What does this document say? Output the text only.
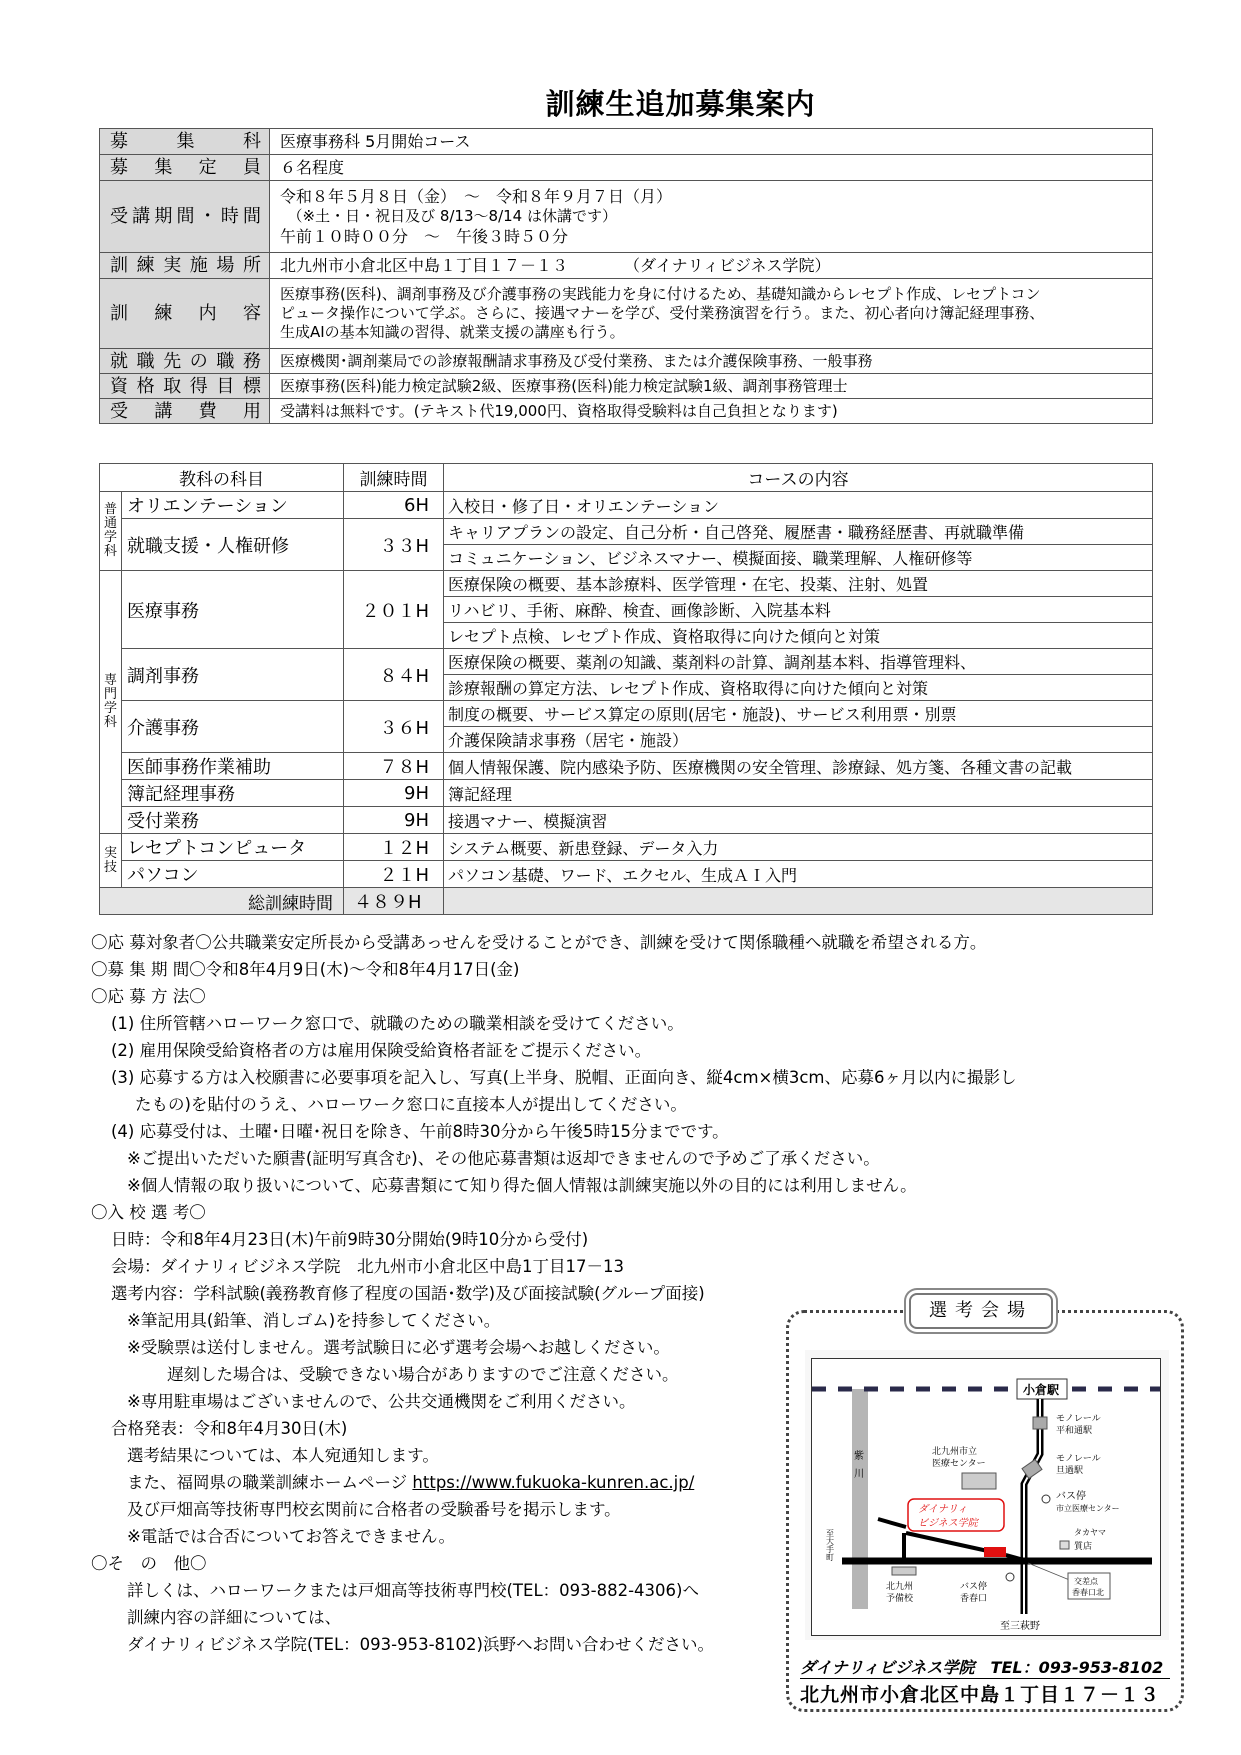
訓練生追加募集案内
募集科	医療事務科 5月開始コース
募集定員	６名程度
受講期間・時間	令和８年５月８日（金）　～　令和８年９月７日（月）
　（※土・日・祝日及び 8/13～8/14 は休講です）
午前１０時００分　～　午後３時５０分

訓練実施場所	北九州市小倉北区中島１丁目１７－１３　　　　（ダイナリィビジネス学院）
訓練内容	医療事務(医科)、調剤事務及び介護事務の実践能力を身に付けるため、基礎知識からレセプト作成、レセプトコン
ピュータ操作について学ぶ。さらに、接遇マナーを学び、受付業務演習を行う。また、初心者向け簿記経理事務、
生成AIの基本知識の習得、就業支援の講座も行う。

就職先の職務	医療機関･調剤薬局での診療報酬請求事務及び受付業務、または介護保険事務、一般事務
資格取得目標	医療事務(医科)能力検定試験2級、医療事務(医科)能力検定試験1級、調剤事務管理士
受講費用	受講料は無料です。(テキスト代19,000円、資格取得受験料は自己負担となります)
教科の科目		訓練時間	コースの内容

普
通
学
科	オリエンテーション	6H	入校日・修了日・オリエンテーション
	就職支援・人権研修	３３H	キャリアプランの設定、自己分析・自己啓発、履歴書・職務経歴書、再就職準備
			コミュニケーション、ビジネスマナー、模擬面接、職業理解、人権研修等

専
門
学
科	医療事務	２０１H	医療保険の概要、基本診療料、医学管理・在宅、投薬、注射、処置
			リハビリ、手術、麻酔、検査、画像診断、入院基本料
			レセプト点検、レセプト作成、資格取得に向けた傾向と対策
	調剤事務	８４H	医療保険の概要、薬剤の知識、薬剤料の計算、調剤基本料、指導管理料、
			診療報酬の算定方法、レセプト作成、資格取得に向けた傾向と対策
	介護事務	３６H	制度の概要、サービス算定の原則(居宅・施設)、サービス利用票・別票
			介護保険請求事務（居宅・施設）
	医師事務作業補助	７８H	個人情報保護、院内感染予防、医療機関の安全管理、診療録、処方箋、各種文書の記載
	簿記経理事務	9H	簿記経理
	受付業務	9H	接遇マナー、模擬演習

実
技	レセプトコンピュータ	１２H	システム概要、新患登録、データ入力
	パソコン	２１H	パソコン基礎、ワード、エクセル、生成ＡＩ入門
総訓練時間		４８９H	
〇応 募対象者〇公共職業安定所長から受講あっせんを受けることができ、訓練を受けて関係職種へ就職を希望される方。
〇募 集 期 間〇令和8年4月9日(木)～令和8年4月17日(金)
〇応 募 方 法〇
(1) 住所管轄ハローワーク窓口で、就職のための職業相談を受けてください。
(2) 雇用保険受給資格者の方は雇用保険受給資格者証をご提示ください。
(3) 応募する方は入校願書に必要事項を記入し、写真(上半身、脱帽、正面向き、縦4cm×横3cm、応募6ヶ月以内に撮影し
たもの)を貼付のうえ、ハローワーク窓口に直接本人が提出してください。
(4) 応募受付は、土曜･日曜･祝日を除き、午前8時30分から午後5時15分までです。
※ご提出いただいた願書(証明写真含む)、その他応募書類は返却できませんので予めご了承ください。
※個人情報の取り扱いについて、応募書類にて知り得た個人情報は訓練実施以外の目的には利用しません。
〇入 校 選 考〇
日時：令和8年4月23日(木)午前9時30分開始(9時10分から受付)
会場：ダイナリィビジネス学院　北九州市小倉北区中島1丁目17－13
選考内容：学科試験(義務教育修了程度の国語･数学)及び面接試験(グループ面接)
※筆記用具(鉛筆、消しゴム)を持参してください。
※受験票は送付しません。選考試験日に必ず選考会場へお越しください。
遅刻した場合は、受験できない場合がありますのでご注意ください。
※専用駐車場はございませんので、公共交通機関をご利用ください。
合格発表：令和8年4月30日(木)
選考結果については、本人宛通知します。
また、福岡県の職業訓練ホームページ https://www.fukuoka-kunren.ac.jp/
及び戸畑高等技術専門校玄関前に合格者の受験番号を掲示します。
※電話では合否についてお答えできません。
〇そ　の　他〇
詳しくは、ハローワークまたは戸畑高等技術専門校(TEL：093-882-4306)へ
訓練内容の詳細については、
ダイナリィビジネス学院(TEL：093-953-8102)浜野へお問い合わせください。
選考会場
紫
川
小倉駅
モノレール
平和通駅
モノレール
旦過駅
北九州市立
医療センター
バス停
市立医療センター
ダイナリィ
ビジネス学院
タカヤマ
質店
至大手町
北九州
予備校
バス停
香春口
交差点
香春口北
至三萩野
ダイナリィビジネス学院　TEL：093-953-8102
北九州市小倉北区中島１丁目１７－１３
